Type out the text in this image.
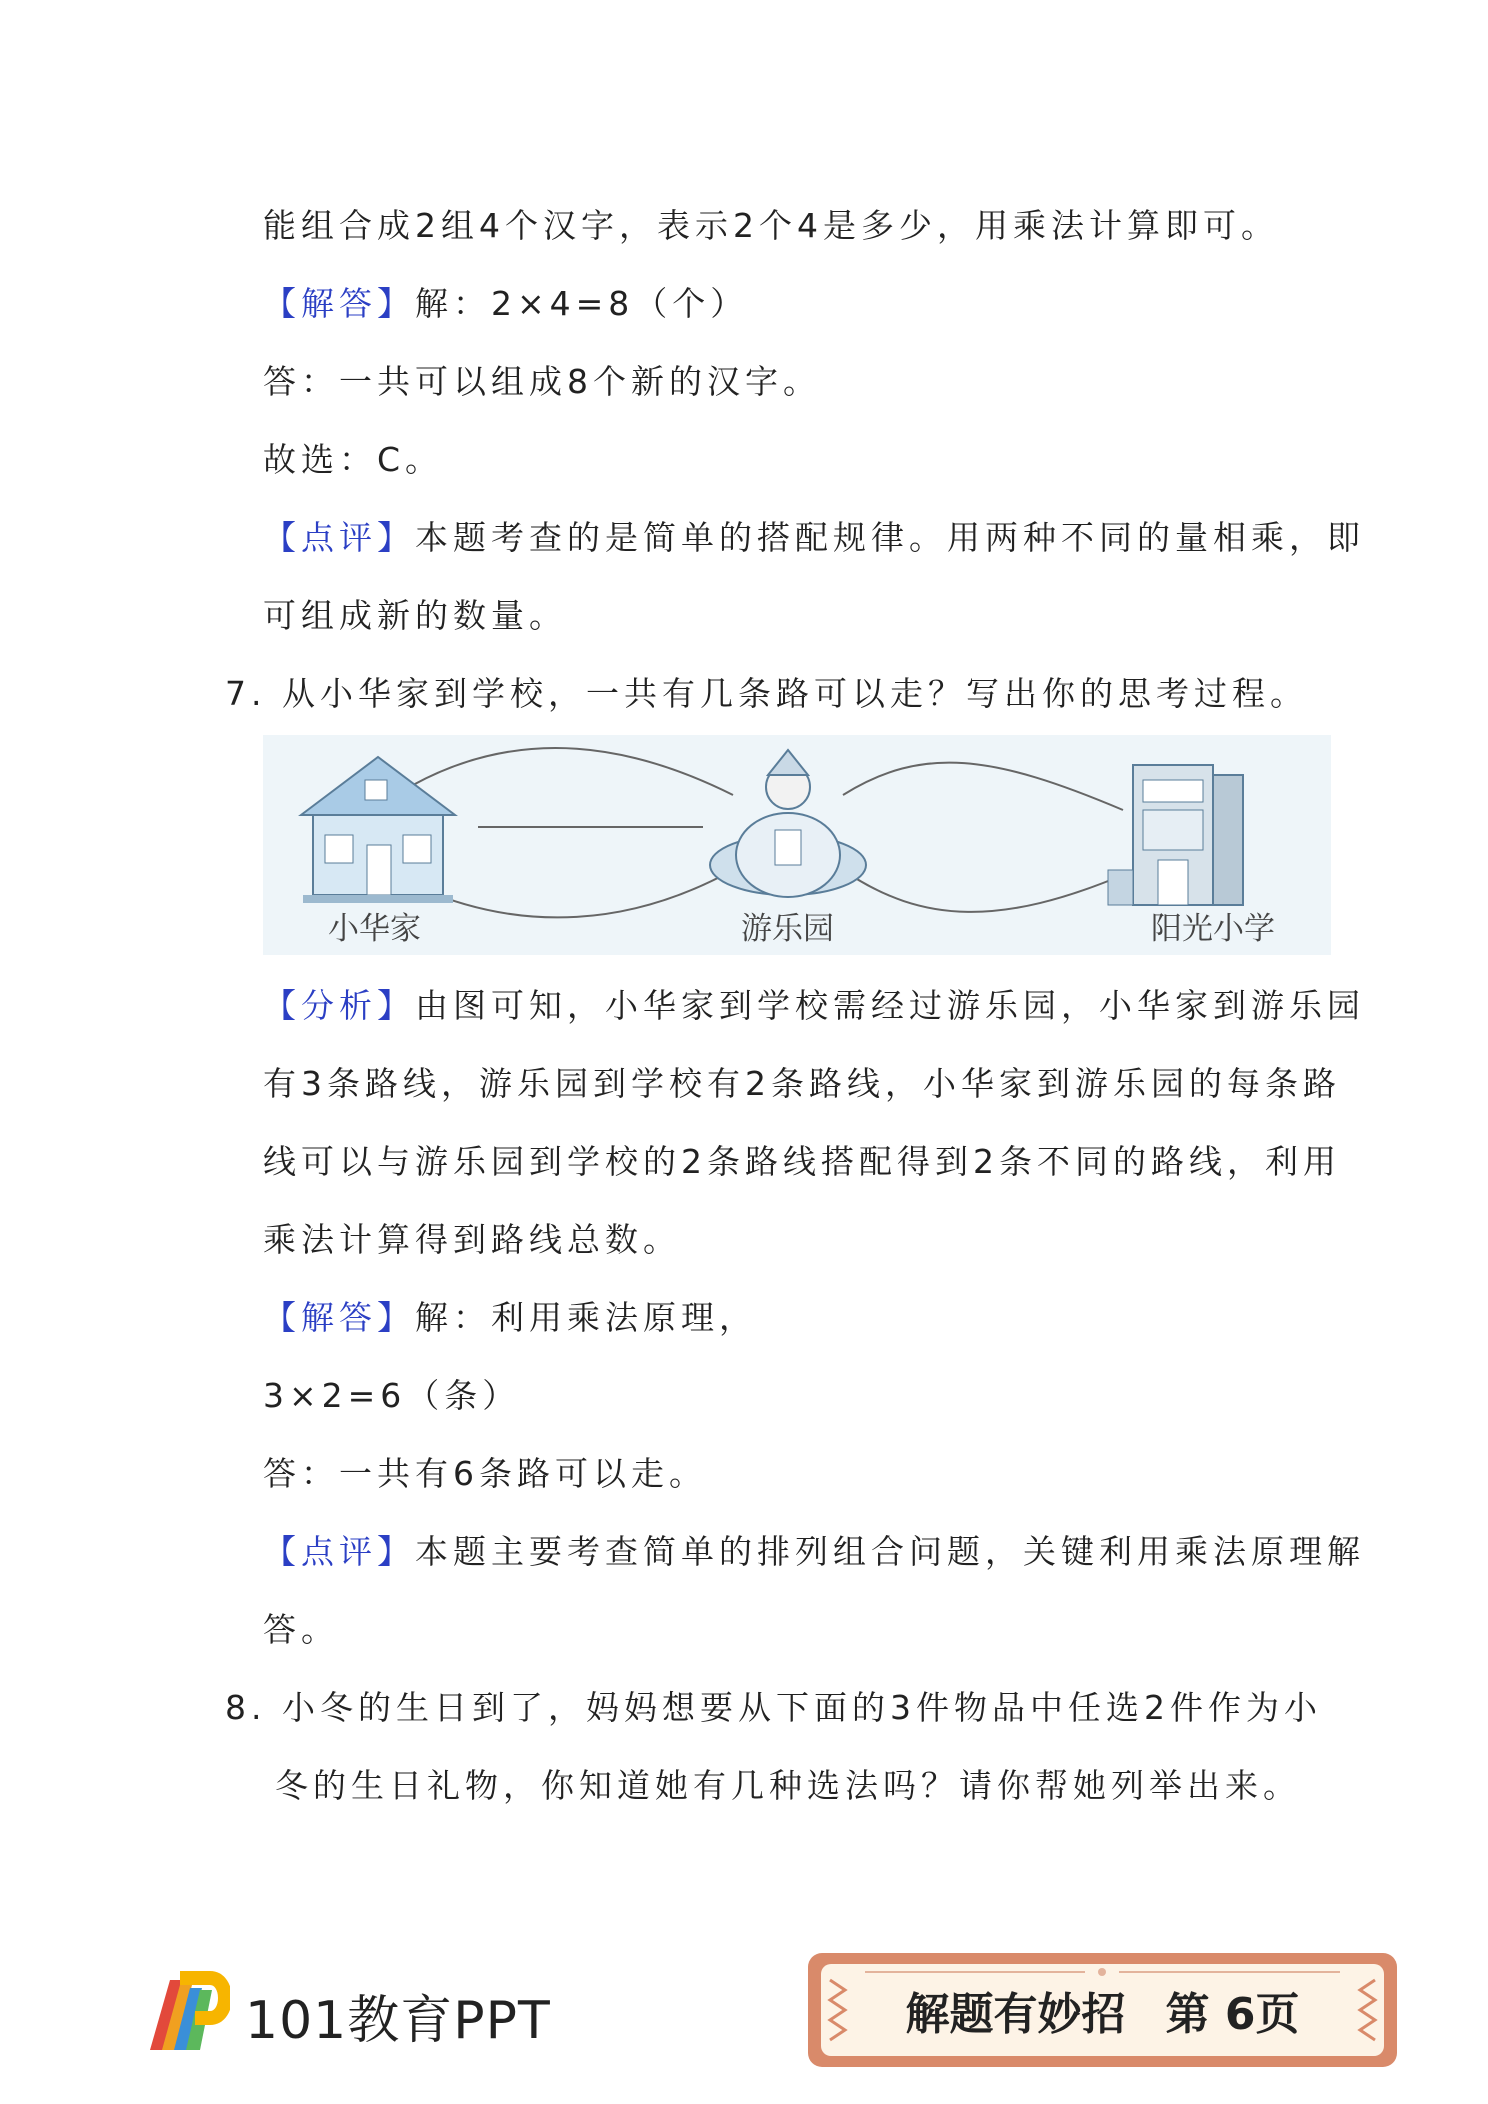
能组合成2组4个汉字，表示2个4是多少，用乘法计算即可。
【解答】解：2×4=8（个）
答：一共可以组成8个新的汉字。
故选：C。
【点评】本题考查的是简单的搭配规律。用两种不同的量相乘，即
可组成新的数量。
7. 从小华家到学校，一共有几条路可以走？写出你的思考过程。
小华家	游乐园	阳光小学
【分析】由图可知，小华家到学校需经过游乐园，小华家到游乐园
有3条路线，游乐园到学校有2条路线，小华家到游乐园的每条路
线可以与游乐园到学校的2条路线搭配得到2条不同的路线，利用
乘法计算得到路线总数。
【解答】解：利用乘法原理，
3×2=6（条）
答：一共有6条路可以走。
【点评】本题主要考查简单的排列组合问题，关键利用乘法原理解
答。
8. 小冬的生日到了，妈妈想要从下面的3件物品中任选2件作为小
冬的生日礼物，你知道她有几种选法吗？请你帮她列举出来。
101教育PPT	解题有妙招 第 6页
